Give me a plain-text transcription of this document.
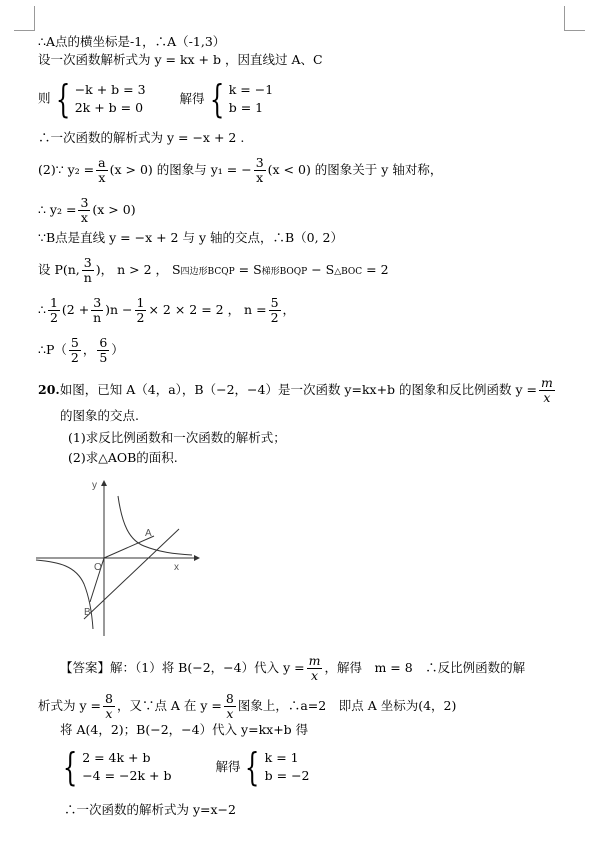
∴A点的横坐标是-1，∴A（-1,3）
设一次函数解析式为 y = kx + b ，因直线过 A、C
则 { −k + b = 3
2k + b = 0 解得 { k = −1
b = 1
∴一次函数的解析式为 y = −x + 2 .
(2)∵ $y_2 = \frac{a}{x} (x > 0)$ 的图象与 y₁ = − $\frac{3}{x} (x < 0)$ 的图象关于 y 轴对称，
∴ $y_2 = \frac{3}{x} (x > 0)$
∵B点是直线 y = −x + 2 与 y 轴的交点，∴B（0, 2）
设 P(n, $\frac{3}{n}$ )， n > 2 ， S四边形BCQP = S梯形BOQP − S△BOC = 2
∴ $\frac{1}{2} (2 + \frac{3}{n} )n - \frac{1}{2} \times 2 \times 2 = 2$ ， $n = \frac{5}{2}$ ，
∴P（ $\frac{5}{2}$ ， $\frac{6}{5}$ ）
20.如图，已知 A（4，a），B（−2，−4）是一次函数 y=kx+b 的图象和反比例函数 $y = \frac{m}{x}$
的图象的交点.
(1)求反比例函数和一次函数的解析式；
(2)求△AOB的面积.
y
x
O
A
B
【答案】解：（1）将 B(−2，−4）代入 $y = \frac{m}{x}$ ，解得　m = 8　∴反比例函数的解
析式为 $y = \frac{8}{x}$ ，又∵点 A 在 $y = \frac{8}{x}$ 图象上，∴a=2　即点 A 坐标为(4，2)
将 A(4，2)；B(−2，−4）代入 y=kx+b 得
{ 2 = 4k + b
−4 = −2k + b 解得 { k = 1
b = −2
∴一次函数的解析式为 y=x−2
